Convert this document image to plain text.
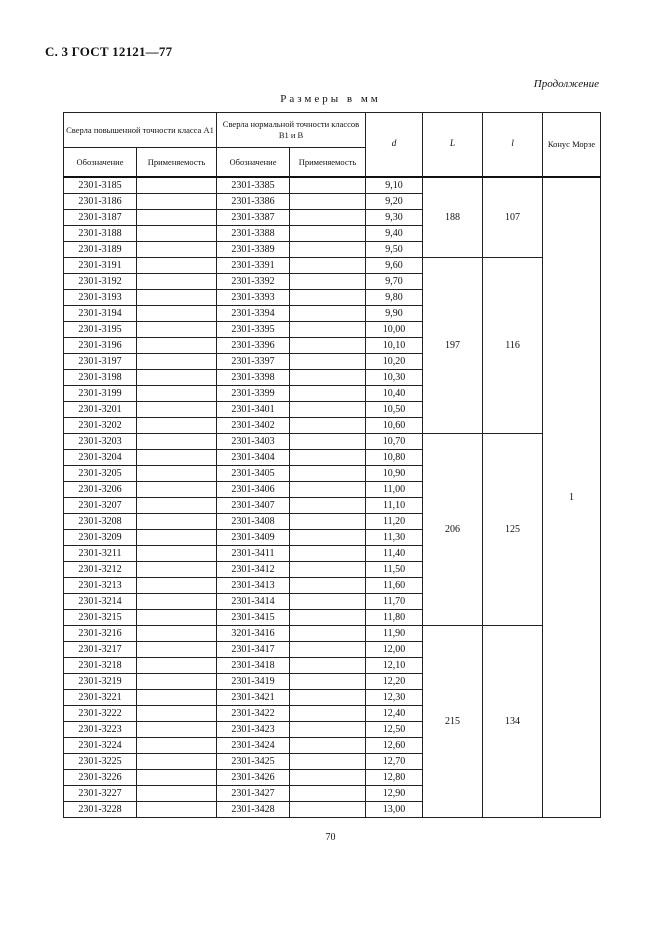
С. 3 ГОСТ 12121—77
Продолжение
Размеры в мм
Сверла повышенной точности класса А1		Сверла нормальной точности классов В1 и В		d	L	l	Конус Морзе
Обозначение	Применяемость	Обозначение	Применяемость				
2301-3185		2301-3385		9,10	188	107	1
2301-3186		2301-3386		9,20			
2301-3187		2301-3387		9,30			
2301-3188		2301-3388		9,40			
2301-3189		2301-3389		9,50			
2301-3191		2301-3391		9,60	197	116	
2301-3192		2301-3392		9,70			
2301-3193		2301-3393		9,80			
2301-3194		2301-3394		9,90			
2301-3195		2301-3395		10,00			
2301-3196		2301-3396		10,10			
2301-3197		2301-3397		10,20			
2301-3198		2301-3398		10,30			
2301-3199		2301-3399		10,40			
2301-3201		2301-3401		10,50			
2301-3202		2301-3402		10,60			
2301-3203		2301-3403		10,70	206	125	
2301-3204		2301-3404		10,80			
2301-3205		2301-3405		10,90			
2301-3206		2301-3406		11,00			
2301-3207		2301-3407		11,10			
2301-3208		2301-3408		11,20			
2301-3209		2301-3409		11,30			
2301-3211		2301-3411		11,40			
2301-3212		2301-3412		11,50			
2301-3213		2301-3413		11,60			
2301-3214		2301-3414		11,70			
2301-3215		2301-3415		11,80			
2301-3216		3201-3416		11,90	215	134	
2301-3217		2301-3417		12,00			
2301-3218		2301-3418		12,10			
2301-3219		2301-3419		12,20			
2301-3221		2301-3421		12,30			
2301-3222		2301-3422		12,40			
2301-3223		2301-3423		12,50			
2301-3224		2301-3424		12,60			
2301-3225		2301-3425		12,70			
2301-3226		2301-3426		12,80			
2301-3227		2301-3427		12,90			
2301-3228		2301-3428		13,00			
70
